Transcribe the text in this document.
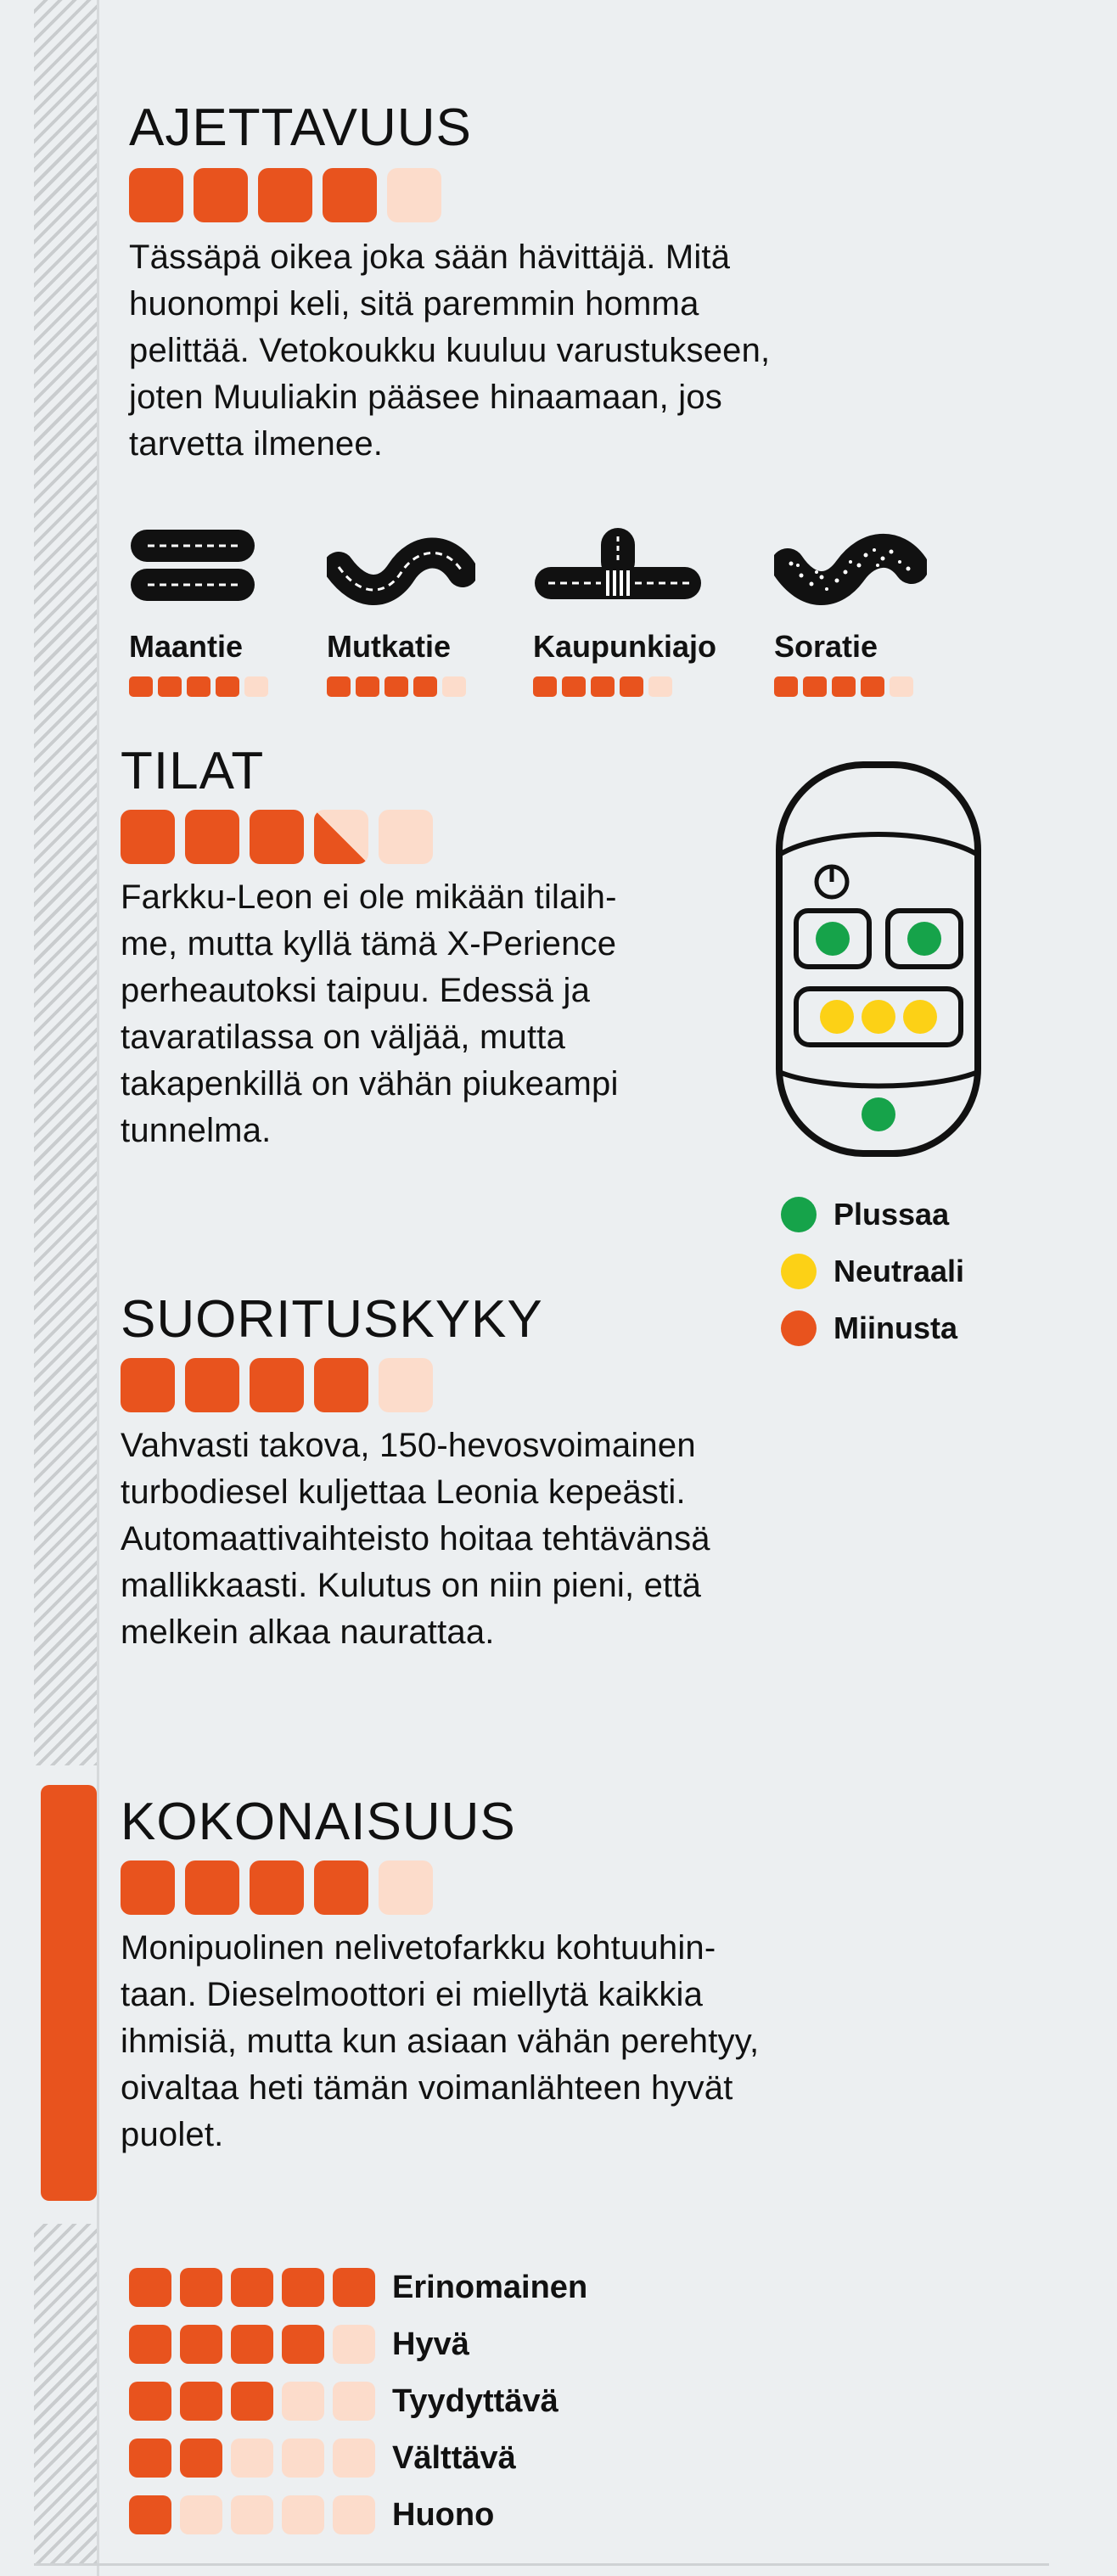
AJETTAVUUS
Tässäpä oikea joka sään hävittäjä. Mitä
huonompi keli, sitä paremmin homma
pelittää. Vetokoukku kuuluu varustukseen,
joten Muuliakin pääsee hinaamaan, jos
tarvetta ilmenee.
Maantie	Mutkatie	Kaupunkiajo Soratie
TILAT
Farkku-Leon ei ole mikään tilaih-
me, mutta kyllä tämä X-Perience
perheautoksi taipuu. Edessä ja
tavaratilassa on väljää, mutta
takapenkillä on vähän piukeampi
tunnelma.
Plussaa
Neutraali
Miinusta
SUORITUSKYKY
Vahvasti takova, 150-hevosvoimainen
turbodiesel kuljettaa Leonia kepeästi.
Automaattivaihteisto hoitaa tehtävänsä
mallikkaasti. Kulutus on niin pieni, että
melkein alkaa naurattaa.
KOKONAISUUS
Monipuolinen nelivetofarkku kohtuuhin-
taan. Dieselmoottori ei miellytä kaikkia
ihmisiä, mutta kun asiaan vähän perehtyy,
oivaltaa heti tämän voimanlähteen hyvät
puolet.
Erinomainen
Hyvä
Tyydyttävä
Välttävä
Huono
